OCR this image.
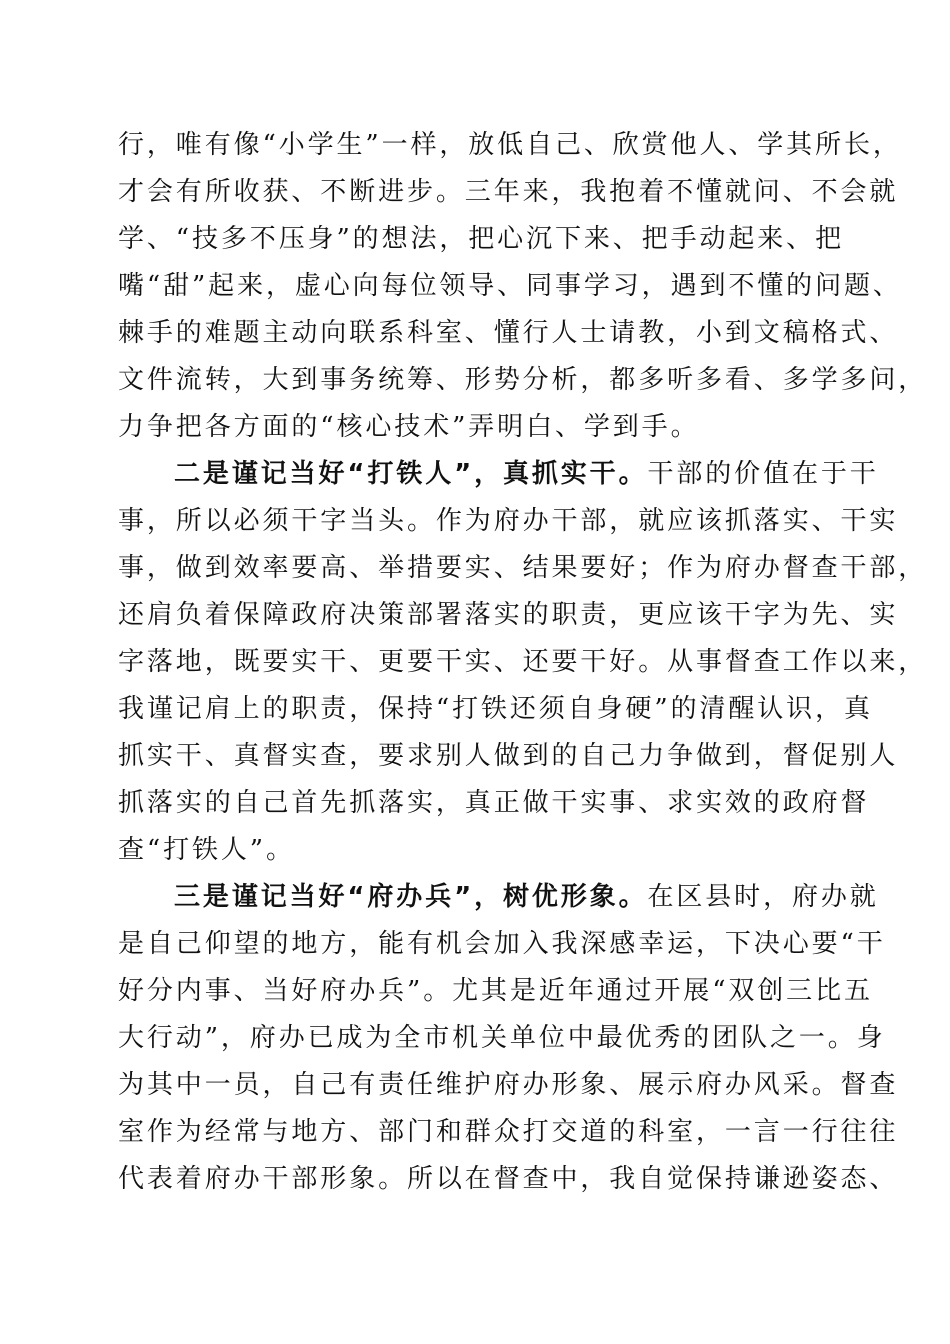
行，唯有像“小学生”一样，放低自己、欣赏他人、学其所长，
才会有所收获、不断进步。三年来，我抱着不懂就问、不会就
学、“技多不压身”的想法，把心沉下来、把手动起来、把
嘴“甜”起来，虚心向每位领导、同事学习，遇到不懂的问题、
棘手的难题主动向联系科室、懂行人士请教，小到文稿格式、
文件流转，大到事务统筹、形势分析，都多听多看、多学多问，
力争把各方面的“核心技术”弄明白、学到手。
二是谨记当好“打铁人”，真抓实干。干部的价值在于干
事，所以必须干字当头。作为府办干部，就应该抓落实、干实
事，做到效率要高、举措要实、结果要好；作为府办督查干部，
还肩负着保障政府决策部署落实的职责，更应该干字为先、实
字落地，既要实干、更要干实、还要干好。从事督查工作以来，
我谨记肩上的职责，保持“打铁还须自身硬”的清醒认识，真
抓实干、真督实查，要求别人做到的自己力争做到，督促别人
抓落实的自己首先抓落实，真正做干实事、求实效的政府督
查“打铁人”。
三是谨记当好“府办兵”，树优形象。在区县时，府办就
是自己仰望的地方，能有机会加入我深感幸运，下决心要“干
好分内事、当好府办兵”。尤其是近年通过开展“双创三比五
大行动”，府办已成为全市机关单位中最优秀的团队之一。身
为其中一员，自己有责任维护府办形象、展示府办风采。督查
室作为经常与地方、部门和群众打交道的科室，一言一行往往
代表着府办干部形象。所以在督查中，我自觉保持谦逊姿态、
